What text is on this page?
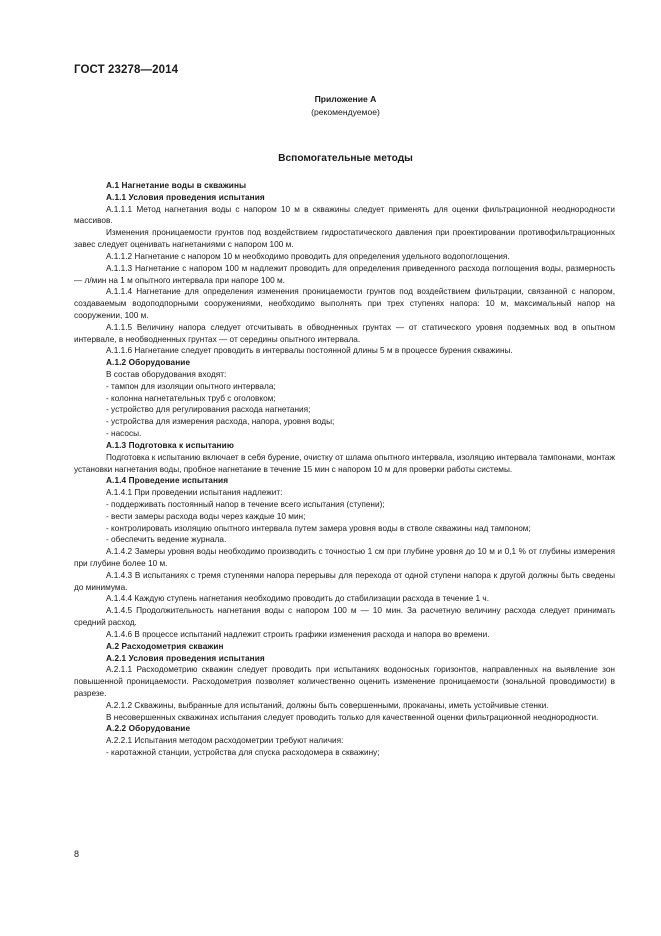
ГОСТ 23278—2014
Приложение А
(рекомендуемое)
Вспомогательные методы

А.1 Нагнетание воды в скважины

А.1.1 Условия проведения испытания

А.1.1.1 Метод нагнетания воды с напором 10 м в скважины следует применять для оценки фильтрационной неоднородности массивов.

Изменения проницаемости грунтов под воздействием гидростатического давления при проектировании противофильтрационных завес следует оценивать нагнетаниями с напором 100 м.

А.1.1.2 Нагнетание с напором 10 м необходимо проводить для определения удельного водопоглощения.

А.1.1.3 Нагнетание с напором 100 м надлежит проводить для определения приведенного расхода поглощения воды, размерность — л/мин на 1 м опытного интервала при напоре 100 м.

А.1.1.4 Нагнетание для определения изменения проницаемости грунтов под воздействием фильтрации, связанной с напором, создаваемым водоподпорными сооружениями, необходимо выполнять при трех ступенях напора: 10 м, максимальный напор на сооружении, 100 м.

А.1.1.5 Величину напора следует отсчитывать в обводненных грунтах — от статического уровня подземных вод в опытном интервале, в необводненных грунтах — от середины опытного интервала.

А.1.1.6 Нагнетание следует проводить в интервалы постоянной длины 5 м в процессе бурения скважины.

А.1.2 Оборудование

В состав оборудования входят:

- тампон для изоляции опытного интервала;

- колонна нагнетательных труб с оголовком;

- устройство для регулирования расхода нагнетания;

- устройства для измерения расхода, напора, уровня воды;

- насосы.

А.1.3 Подготовка к испытанию

Подготовка к испытанию включает в себя бурение, очистку от шлама опытного интервала, изоляцию интервала тампонами, монтаж установки нагнетания воды, пробное нагнетание в течение 15 мин с напором 10 м для проверки работы системы.

А.1.4 Проведение испытания

А.1.4.1 При проведении испытания надлежит:

- поддерживать постоянный напор в течение всего испытания (ступени);

- вести замеры расхода воды через каждые 10 мин;

- контролировать изоляцию опытного интервала путем замера уровня воды в стволе скважины над тампоном;

- обеспечить ведение журнала.

А.1.4.2 Замеры уровня воды необходимо производить с точностью 1 см при глубине уровня до 10 м и 0,1 % от глубины измерения при глубине более 10 м.

А.1.4.3 В испытаниях с тремя ступенями напора перерывы для перехода от одной ступени напора к другой должны быть сведены до минимума.

А.1.4.4 Каждую ступень нагнетания необходимо проводить до стабилизации расхода в течение 1 ч.

А.1.4.5 Продолжительность нагнетания воды с напором 100 м — 10 мин. За расчетную величину расхода следует принимать средний расход.

А.1.4.6 В процессе испытаний надлежит строить графики изменения расхода и напора во времени.

А.2 Расходометрия скважин

А.2.1 Условия проведения испытания

А.2.1.1 Расходометрию скважин следует проводить при испытаниях водоносных горизонтов, направленных на выявление зон повышенной проницаемости. Расходометрия позволяет количественно оценить изменение проницаемости (зональной проводимости) в разрезе.

А.2.1.2 Скважины, выбранные для испытаний, должны быть совершенными, прокачаны, иметь устойчивые стенки.

В несовершенных скважинах испытания следует проводить только для качественной оценки фильтрационной неоднородности.

А.2.2 Оборудование

А.2.2.1 Испытания методом расходометрии требуют наличия:

- каротажной станции, устройства для спуска расходомера в скважину;

8
